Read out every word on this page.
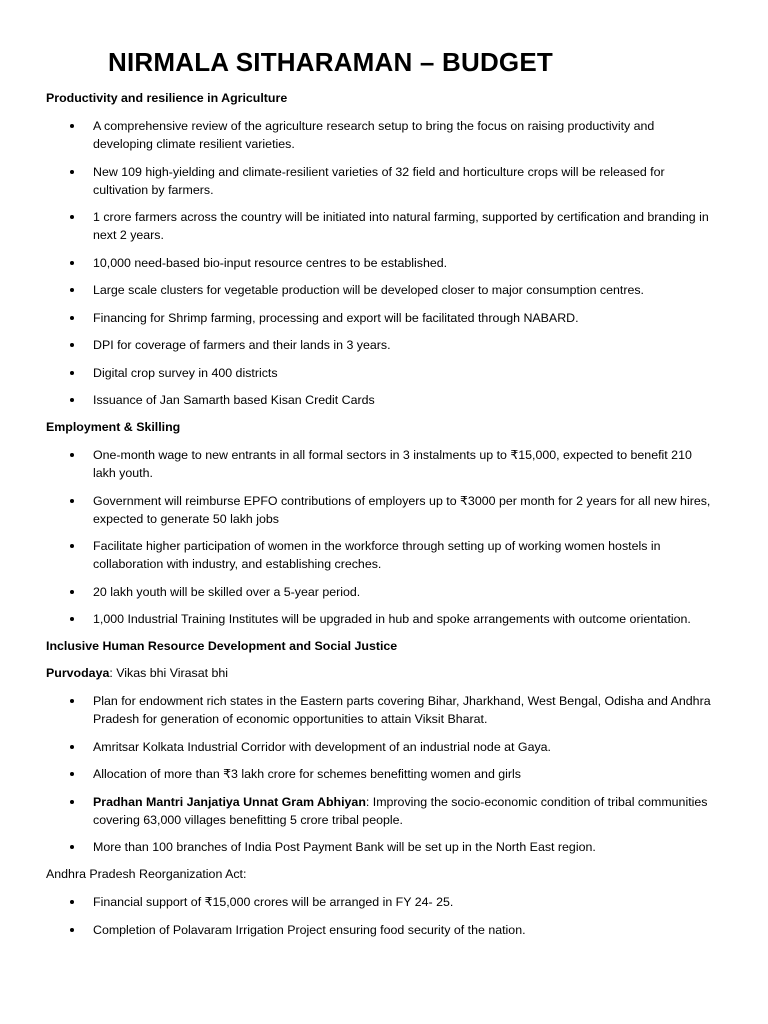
NIRMALA SITHARAMAN – BUDGET

Productivity and resilience in Agriculture

A comprehensive review of the agriculture research setup to bring the focus on raising productivity and developing climate resilient varieties.
New 109 high-yielding and climate-resilient varieties of 32 field and horticulture crops will be released for cultivation by farmers.
1 crore farmers across the country will be initiated into natural farming, supported by certification and branding in next 2 years.
10,000 need-based bio-input resource centres to be established.
Large scale clusters for vegetable production will be developed closer to major consumption centres.
Financing for Shrimp farming, processing and export will be facilitated through NABARD.
DPI for coverage of farmers and their lands in 3 years.
Digital crop survey in 400 districts
Issuance of Jan Samarth based Kisan Credit Cards

Employment & Skilling

One-month wage to new entrants in all formal sectors in 3 instalments up to ₹15,000, expected to benefit 210 lakh youth.
Government will reimburse EPFO contributions of employers up to ₹3000 per month for 2 years for all new hires, expected to generate 50 lakh jobs
Facilitate higher participation of women in the workforce through setting up of working women hostels in collaboration with industry, and establishing creches.
20 lakh youth will be skilled over a 5-year period.
1,000 Industrial Training Institutes will be upgraded in hub and spoke arrangements with outcome orientation.

Inclusive Human Resource Development and Social Justice

Purvodaya: Vikas bhi Virasat bhi

Plan for endowment rich states in the Eastern parts covering Bihar, Jharkhand, West Bengal, Odisha and Andhra Pradesh for generation of economic opportunities to attain Viksit Bharat.
Amritsar Kolkata Industrial Corridor with development of an industrial node at Gaya.
Allocation of more than ₹3 lakh crore for schemes benefitting women and girls
Pradhan Mantri Janjatiya Unnat Gram Abhiyan: Improving the socio-economic condition of tribal communities covering 63,000 villages benefitting 5 crore tribal people.
More than 100 branches of India Post Payment Bank will be set up in the North East region.

Andhra Pradesh Reorganization Act:

Financial support of ₹15,000 crores will be arranged in FY 24- 25.
Completion of Polavaram Irrigation Project ensuring food security of the nation.
